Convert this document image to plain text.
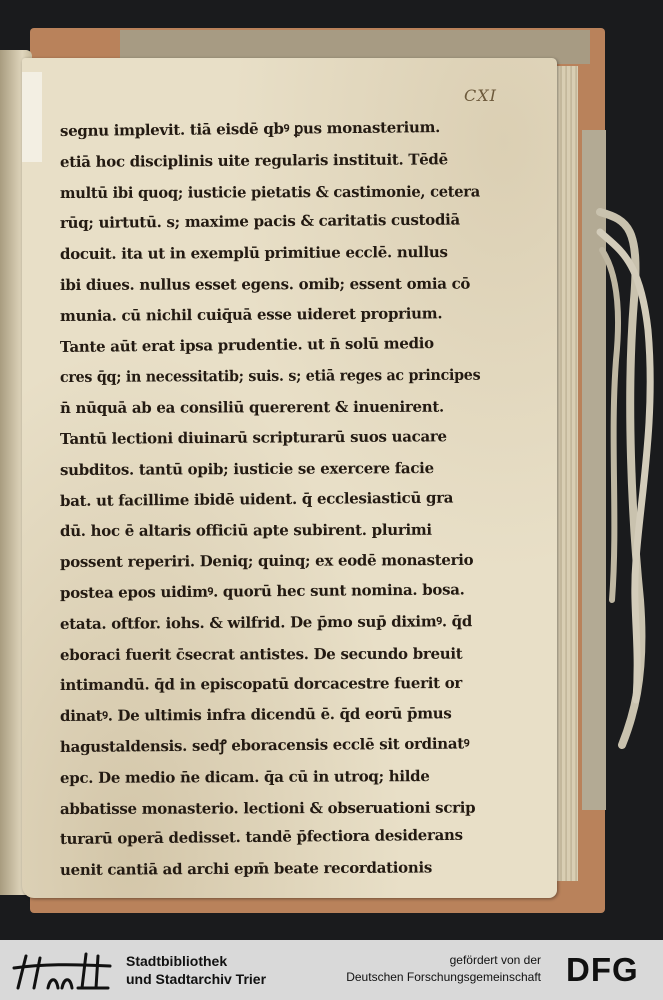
CXI
segnu implevit. tiā eisdē qbꝰ ꝑus monasterium.
etiā hoc disciplinis uite regularis instituit. Tēdē
multū ibi quoq; iusticie pietatis & castimonie, cetera
rūq; uirtutū. s; maxime pacis & caritatis custodiā
docuit. ita ut in exemplū primitiue ecclē. nullus
ibi diues. nullus esset egens. omib; essent omia cō
munia. cū nichil cuiq̄uā esse uideret proprium.
Tante aūt erat ipsa prudentie. ut n̄ solū medio
cres q̄q; in necessitatib; suis. s; etiā reges ac principes
n̄ nūquā ab ea consiliū quererent & inuenirent.
Tantū lectioni diuinarū scripturarū suos uacare
subditos. tantū opib; iusticie se exercere facie
bat. ut facillime ibidē uident. q̄ ecclesiasticū gra
dū. hoc ē altaris officiū apte subirent. plurimi
possent reperiri. Deniq; quinq; ex eodē monasterio
postea epos uidimꝰ. quorū hec sunt nomina. bosa.
etata. oftfor. iohs. & wilfrid. De p̄mo sup̄ diximꝰ. q̄d
eboraci fuerit c̄secrat antistes. De secundo breuit
intimandū. q̄d in episcopatū dorcacestre fuerit or
dinatꝰ. De ultimis infra dicendū ē. q̄d eorū p̄mus
hagustaldensis. sedꝭ eboracensis ecclē sit ordinatꝰ
epc. De medio n̄e dicam. q̄a cū in utroq; hilde
abbatisse monasterio. lectioni & obseruationi scrip
turarū operā dedisset. tandē p̄fectiora desiderans
uenit cantiā ad archi epm̄ beate recordationis
Stadtbibliothek
und Stadtarchiv Trier
gefördert von der
Deutschen Forschungsgemeinschaft DFG
